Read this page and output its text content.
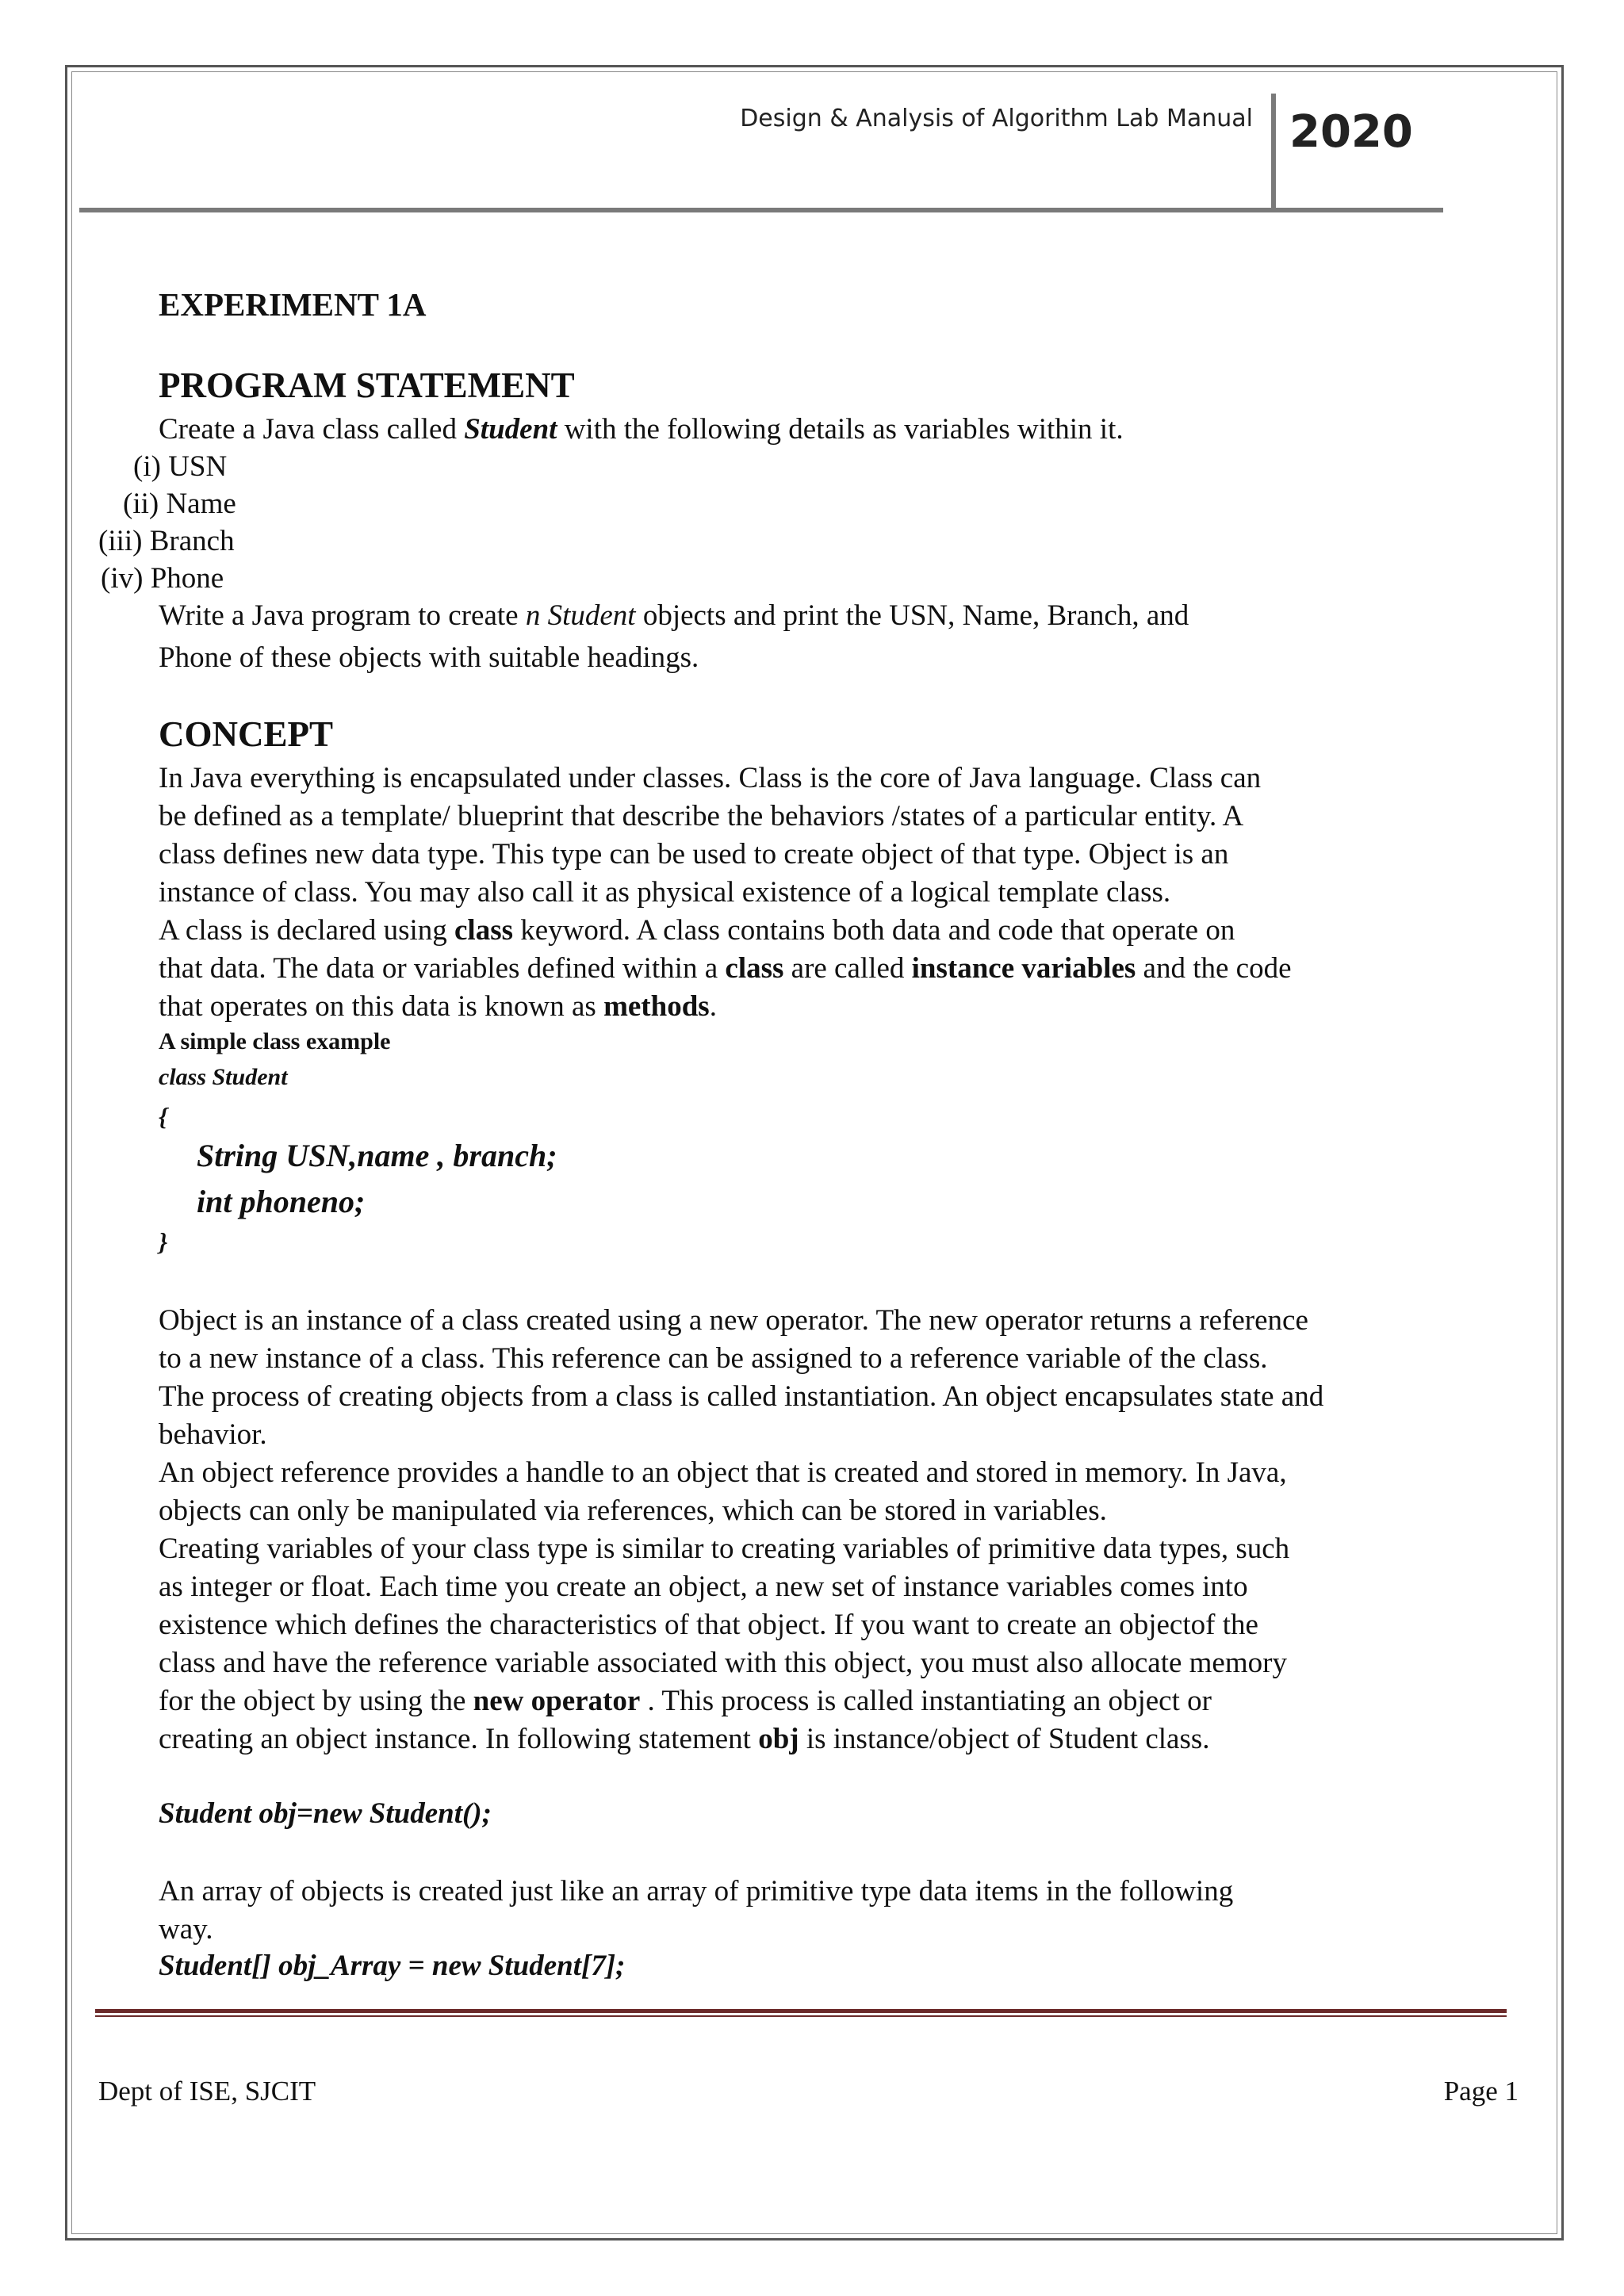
Design & Analysis of Algorithm Lab Manual 2020
EXPERIMENT 1A
PROGRAM STATEMENT
Create a Java class called Student with the following details as variables within it.
(i) USN
(ii) Name
(iii) Branch
(iv) Phone
Write a Java program to create n Student objects and print the USN, Name, Branch, and
Phone of these objects with suitable headings.
CONCEPT
In Java everything is encapsulated under classes. Class is the core of Java language. Class can
be defined as a template/ blueprint that describe the behaviors /states of a particular entity. A
class defines new data type. This type can be used to create object of that type. Object is an
instance of class. You may also call it as physical existence of a logical template class.
A class is declared using class keyword. A class contains both data and code that operate on
that data. The data or variables defined within a class are called instance variables and the code
that operates on this data is known as methods.
A simple class example
class Student
{
String USN,name , branch;
int phoneno;
}
Object is an instance of a class created using a new operator. The new operator returns a reference
to a new instance of a class. This reference can be assigned to a reference variable of the class.
The process of creating objects from a class is called instantiation. An object encapsulates state and
behavior.
An object reference provides a handle to an object that is created and stored in memory. In Java,
objects can only be manipulated via references, which can be stored in variables.
Creating variables of your class type is similar to creating variables of primitive data types, such
as integer or float. Each time you create an object, a new set of instance variables comes into
existence which defines the characteristics of that object. If you want to create an objectof the
class and have the reference variable associated with this object, you must also allocate memory
for the object by using the new operator . This process is called instantiating an object or
creating an object instance. In following statement obj is instance/object of Student class.
Student obj=new Student();
An array of objects is created just like an array of primitive type data items in the following
way.
Student[] obj_Array = new Student[7];
Dept of ISE, SJCIT	Page 1
